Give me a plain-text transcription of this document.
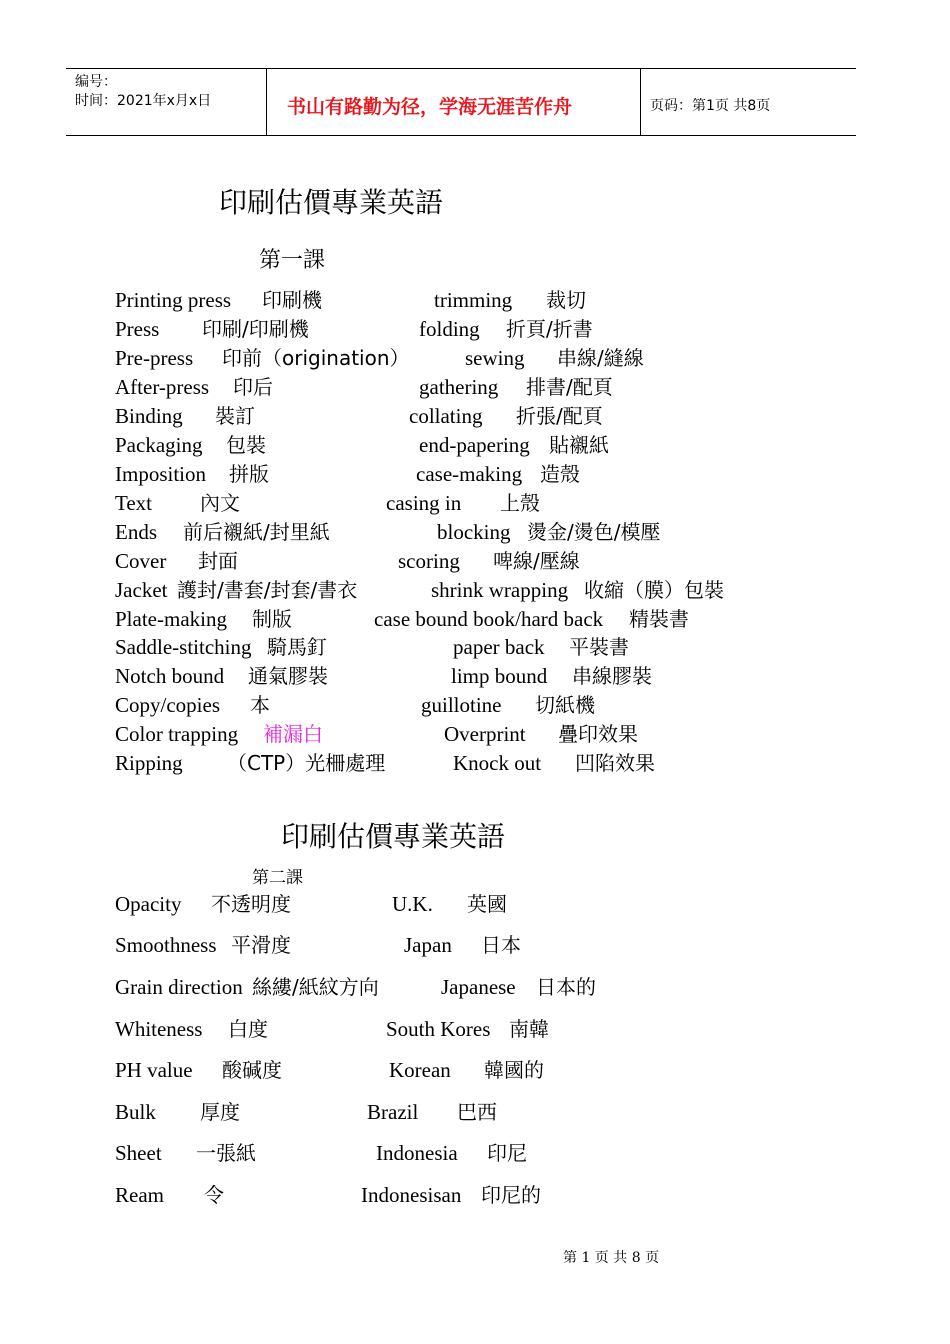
编号：
时间：2021年x月x日	书山有路勤为径，学海无涯苦作舟	页码：第1页 共8页
印刷估價專業英語
第一課
Printing press 印刷機	trimming 裁切
Press 印刷/印刷機	folding 折頁/折書
Pre-press 印前（origination）	sewing 串線/縫線
After-press 印后	gathering 排書/配頁
Binding 裝訂	collating 折張/配頁
Packaging 包裝	end-papering 貼襯紙
Imposition 拼版	case-making 造殼
Text 內文	casing in 上殼
Ends 前后襯紙/封里紙	blocking 燙金/燙色/模壓
Cover 封面	scoring 啤線/壓線
Jacket 護封/書套/封套/書衣	shrink wrapping 收縮（膜）包裝
Plate-making 制版	case bound book/hard back 精裝書
Saddle-stitching 騎馬釘	paper back 平裝書
Notch bound 通氣膠裝	limp bound 串線膠裝
Copy/copies 本	guillotine 切紙機
Color trapping 補漏白	Overprint 疊印效果
Ripping （CTP）光柵處理	Knock out 凹陷效果
印刷估價專業英語
第二課
Opacity 不透明度	U.K. 英國
Smoothness 平滑度	Japan 日本
Grain direction 絲縷/紙紋方向	Japanese 日本的
Whiteness 白度	South Kores 南韓
PH value 酸碱度	Korean 韓國的
Bulk 厚度	Brazil 巴西
Sheet 一張紙	Indonesia 印尼
Ream 令	Indonesisan 印尼的
第 1 页 共 8 页
